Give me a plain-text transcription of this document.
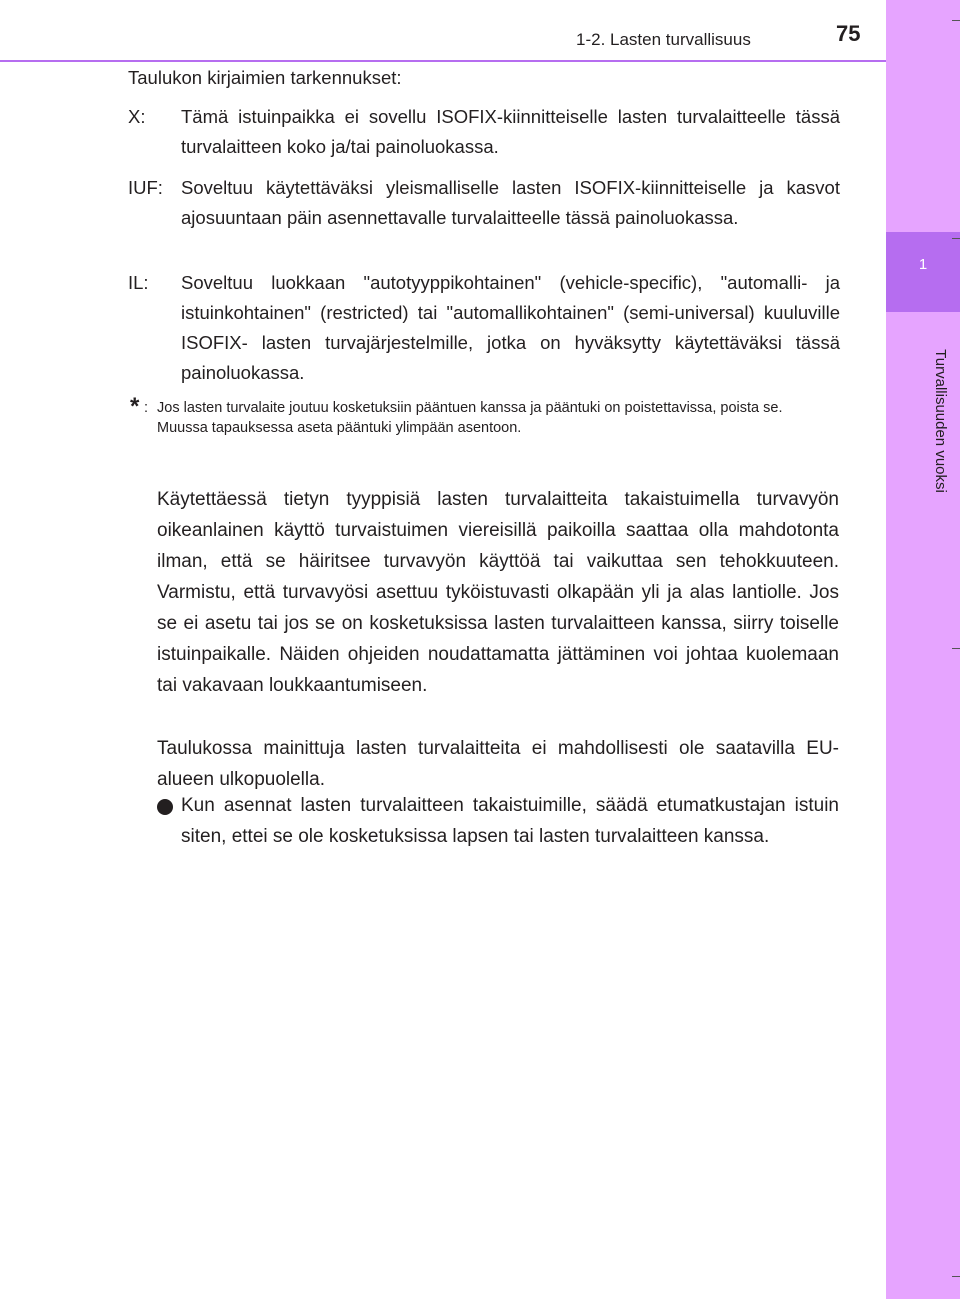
1
Turvallisuuden vuoksi
1-2. Lasten turvallisuus	75
Taulukon kirjaimien tarkennukset:
X: Tämä istuinpaikka ei sovellu ISOFIX-kiinnitteiselle lasten turvalaitteelle tässä turvalaitteen koko ja/tai painoluokassa.
IUF: Soveltuu käytettäväksi yleismalliselle lasten ISOFIX-kiinnitteiselle ja kasvot ajosuuntaan päin asennettavalle turvalaitteelle tässä painoluokassa.
IL: Soveltuu luokkaan "autotyyppikohtainen" (vehicle-specific), "automalli- ja istuinkohtainen" (restricted) tai "automallikohtainen" (semi-universal) kuuluville ISOFIX- lasten turvajärjestelmille, jotka on hyväksytty käytettäväksi tässä painoluokassa.
* : Jos lasten turvalaite joutuu kosketuksiin pääntuen kanssa ja pääntuki on poistettavissa, poista se.
Muussa tapauksessa aseta pääntuki ylimpään asentoon.
Käytettäessä tietyn tyyppisiä lasten turvalaitteita takaistuimella turvavyön oikeanlainen käyttö turvaistuimen viereisillä paikoilla saattaa olla mahdotonta ilman, että se häiritsee turvavyön käyttöä tai vaikuttaa sen tehokkuuteen. Varmistu, että turvavyösi asettuu tyköistuvasti olkapään yli ja alas lantiolle. Jos se ei asetu tai jos se on kosketuksissa lasten turvalaitteen kanssa, siirry toiselle istuinpaikalle. Näiden ohjeiden noudattamatta jättäminen voi johtaa kuolemaan tai vakavaan loukkaantumiseen.
Taulukossa mainittuja lasten turvalaitteita ei mahdollisesti ole saatavilla EU-alueen ulkopuolella.
Kun asennat lasten turvalaitteen takaistuimille, säädä etumatkustajan istuin siten, ettei se ole kosketuksissa lapsen tai lasten turvalaitteen kanssa.
